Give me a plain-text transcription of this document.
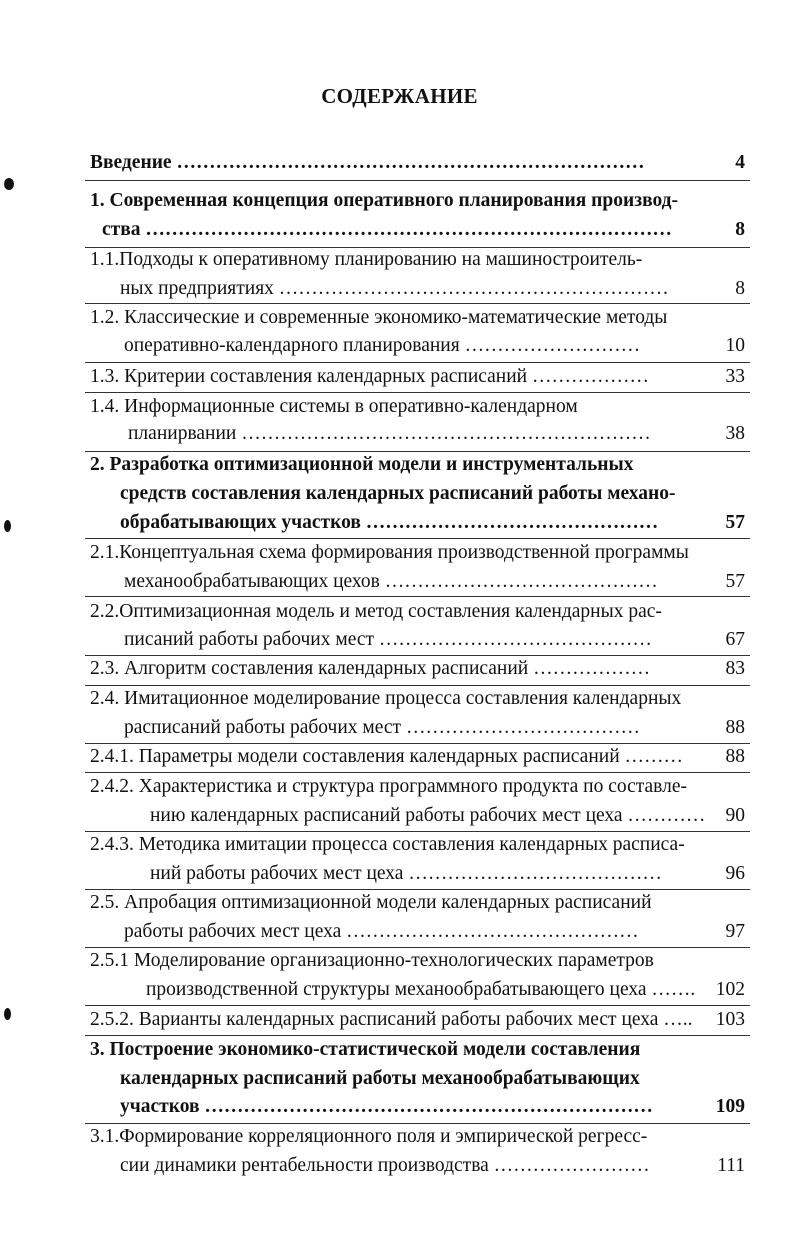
СОДЕРЖАНИЕ
Введение ………………………………………………………………	4
1. Современная концепция оперативного планирования производ-
ства ………………………………………………………………………	8
1.1.Подходы к оперативному планированию на машиностроитель-
ных предприятиях ……………………………………………………	8
1.2. Классические и современные экономико-математические методы
оперативно-календарного планирования ………………………	10
1.3. Критерии составления календарных расписаний ………………	33
1.4. Информационные системы в оперативно-календарном
планирвании ………………………………………………………	38
2. Разработка оптимизационной модели и инструментальных
средств составления календарных расписаний работы механо-
обрабатывающих участков ………………………………………	57
2.1.Концептуальная схема формирования производственной программы
механообрабатывающих цехов ……………………………………	57
2.2.Оптимизационная модель и метод составления календарных рас-
писаний работы рабочих мест ……………………………………	67
2.3. Алгоритм составления календарных расписаний ………………	83
2.4. Имитационное моделирование процесса составления календарных
расписаний работы рабочих мест ………………………………	88
2.4.1. Параметры модели составления календарных расписаний ………	88
2.4.2. Характеристика и структура программного продукта по составле-
нию календарных расписаний работы рабочих мест цеха …………	90
2.4.3. Методика имитации процесса составления календарных расписа-
ний работы рабочих мест цеха …………………………………	96
2.5. Апробация оптимизационной модели календарных расписаний
работы рабочих мест цеха ………………………………………	97
2.5.1 Моделирование организационно-технологических параметров
производственной структуры механообрабатывающего цеха …….	102
2.5.2. Варианты календарных расписаний работы рабочих мест цеха …..	103
3. Построение экономико-статистической модели составления
календарных расписаний работы механообрабатывающих
участков ……………………………………………………………	109
3.1.Формирование корреляционного поля и эмпирической регресс-
сии динамики рентабельности производства ……………………	111
